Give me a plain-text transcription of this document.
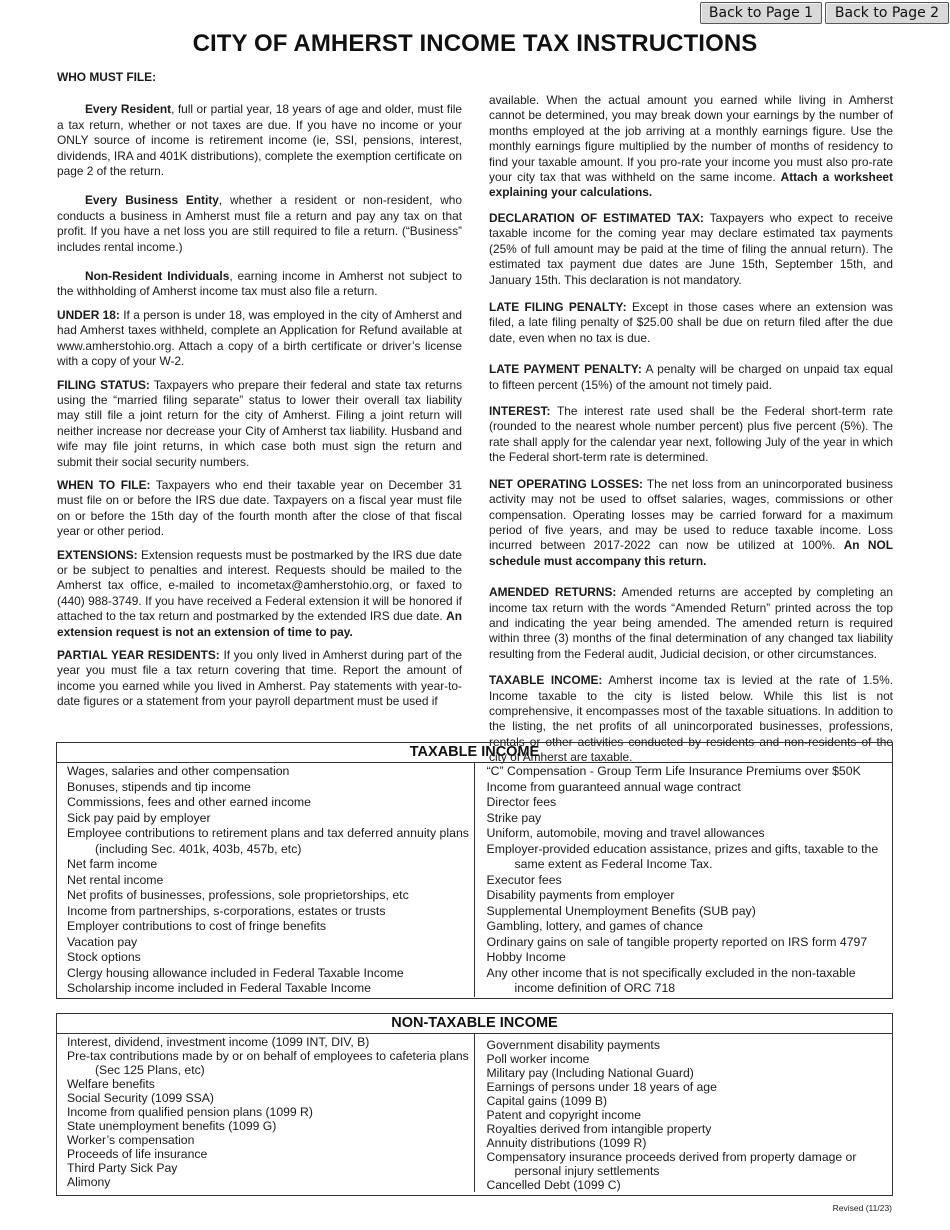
Back to Page 1	Back to Page 2
CITY OF AMHERST INCOME TAX INSTRUCTIONS
WHO MUST FILE:

Every Resident, full or partial year, 18 years of age and older, must file a tax return, whether or not taxes are due. If you have no income or your ONLY source of income is retirement income (ie, SSI, pensions, interest, dividends, IRA and 401K distributions), complete the exemption certificate on page 2 of the return.

Every Business Entity, whether a resident or non-resident, who conducts a business in Amherst must file a return and pay any tax on that profit. If you have a net loss you are still required to file a return. (“Business” includes rental income.)

Non-Resident Individuals, earning income in Amherst not subject to the withholding of Amherst income tax must also file a return.

UNDER 18: If a person is under 18, was employed in the city of Amherst and had Amherst taxes withheld, complete an Application for Refund available at www.amherstohio.org. Attach a copy of a birth certificate or driver’s license with a copy of your W-2.

FILING STATUS: Taxpayers who prepare their federal and state tax returns using the “married filing separate” status to lower their overall tax liability may still file a joint return for the city of Amherst. Filing a joint return will neither increase nor decrease your City of Amherst tax liability. Husband and wife may file joint returns, in which case both must sign the return and submit their social security numbers.

WHEN TO FILE: Taxpayers who end their taxable year on December 31 must file on or before the IRS due date. Taxpayers on a fiscal year must file on or before the 15th day of the fourth month after the close of that fiscal year or other period.

EXTENSIONS: Extension requests must be postmarked by the IRS due date or be subject to penalties and interest. Requests should be mailed to the Amherst tax office, e-mailed to incometax@amherstohio.org, or faxed to (440) 988-3749. If you have received a Federal extension it will be honored if attached to the tax return and postmarked by the extended IRS due date. An extension request is not an extension of time to pay.

PARTIAL YEAR RESIDENTS: If you only lived in Amherst during part of the year you must file a tax return covering that time. Report the amount of income you earned while you lived in Amherst. Pay statements with year-to-date figures or a statement from your payroll department must be used if

available. When the actual amount you earned while living in Amherst cannot be determined, you may break down your earnings by the number of months employed at the job arriving at a monthly earnings figure. Use the monthly earnings figure multiplied by the number of months of residency to find your taxable amount. If you pro-rate your income you must also pro-rate your city tax that was withheld on the same income. Attach a worksheet explaining your calculations.

DECLARATION OF ESTIMATED TAX: Taxpayers who expect to receive taxable income for the coming year may declare estimated tax payments (25% of full amount may be paid at the time of filing the annual return). The estimated tax payment due dates are June 15th, September 15th, and January 15th. This declaration is not mandatory.

LATE FILING PENALTY: Except in those cases where an extension was filed, a late filing penalty of $25.00 shall be due on return filed after the due date, even when no tax is due.

LATE PAYMENT PENALTY: A penalty will be charged on unpaid tax equal to fifteen percent (15%) of the amount not timely paid.

INTEREST: The interest rate used shall be the Federal short-term rate (rounded to the nearest whole number percent) plus five percent (5%). The rate shall apply for the calendar year next, following July of the year in which the Federal short-term rate is determined.

NET OPERATING LOSSES: The net loss from an unincorporated business activity may not be used to offset salaries, wages, commissions or other compensation. Operating losses may be carried forward for a maximum period of five years, and may be used to reduce taxable income. Loss incurred between 2017-2022 can now be utilized at 100%. An NOL schedule must accompany this return.

AMENDED RETURNS: Amended returns are accepted by completing an income tax return with the words “Amended Return” printed across the top and indicating the year being amended. The amended return is required within three (3) months of the final determination of any changed tax liability resulting from the Federal audit, Judicial decision, or other circumstances.

TAXABLE INCOME: Amherst income tax is levied at the rate of 1.5%. Income taxable to the city is listed below. While this list is not comprehensive, it encompasses most of the taxable situations. In addition to the listing, the net profits of all unincorporated businesses, professions, rentals or other activities conducted by residents and non-residents of the city of Amherst are taxable.

TAXABLE INCOME
Wages, salaries and other compensation
Bonuses, stipends and tip income
Commissions, fees and other earned income
Sick pay paid by employer
Employee contributions to retirement plans and tax deferred annuity plans (including Sec. 401k, 403b, 457b, etc)
Net farm income
Net rental income
Net profits of businesses, professions, sole proprietorships, etc
Income from partnerships, s-corporations, estates or trusts
Employer contributions to cost of fringe benefits
Vacation pay
Stock options
Clergy housing allowance included in Federal Taxable Income
Scholarship income included in Federal Taxable Income
“C” Compensation - Group Term Life Insurance Premiums over $50K
Income from guaranteed annual wage contract
Director fees
Strike pay
Uniform, automobile, moving and travel allowances
Employer-provided education assistance, prizes and gifts, taxable to the same extent as Federal Income Tax.
Executor fees
Disability payments from employer
Supplemental Unemployment Benefits (SUB pay)
Gambling, lottery, and games of chance
Ordinary gains on sale of tangible property reported on IRS form 4797
Hobby Income
Any other income that is not specifically excluded in the non-taxable income definition of ORC 718
NON-TAXABLE INCOME
Interest, dividend, investment income (1099 INT, DIV, B)
Pre-tax contributions made by or on behalf of employees to cafeteria plans (Sec 125 Plans, etc)
Welfare benefits
Social Security (1099 SSA)
Income from qualified pension plans (1099 R)
State unemployment benefits (1099 G)
Worker’s compensation
Proceeds of life insurance
Third Party Sick Pay
Alimony
Government disability payments
Poll worker income
Military pay (Including National Guard)
Earnings of persons under 18 years of age
Capital gains (1099 B)
Patent and copyright income
Royalties derived from intangible property
Annuity distributions (1099 R)
Compensatory insurance proceeds derived from property damage or personal injury settlements
Cancelled Debt (1099 C)
Revised (11/23)
